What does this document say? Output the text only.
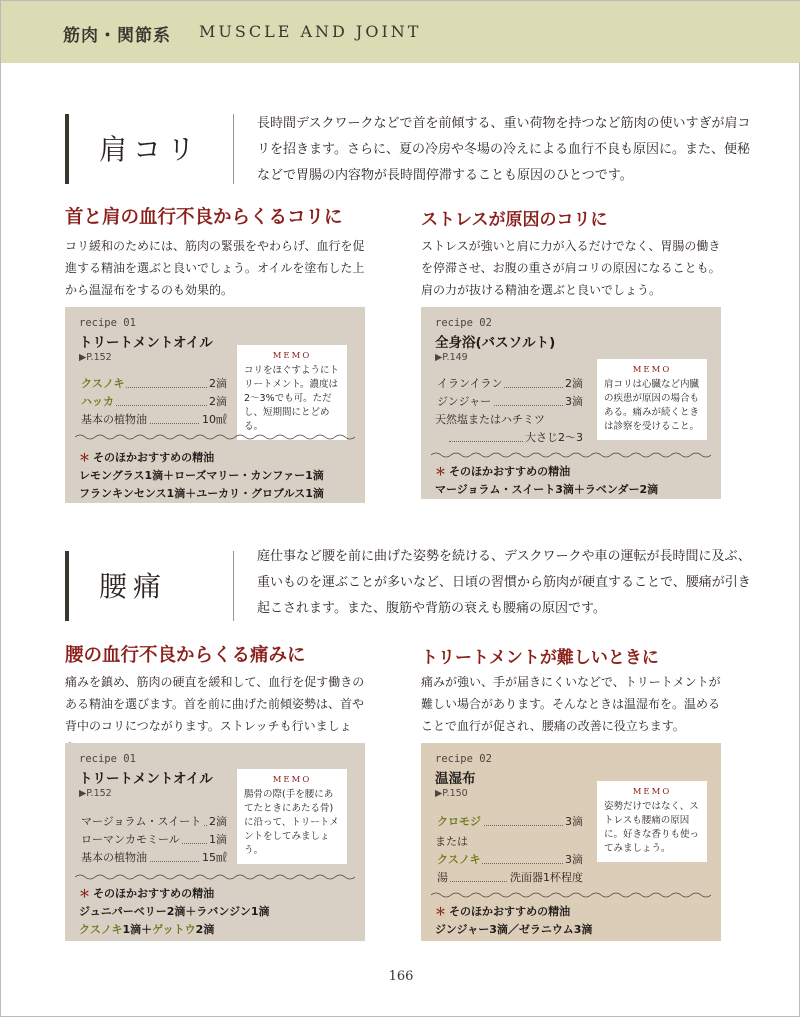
筋肉・関節系 MUSCLE AND JOINT
肩コリ
長時間デスクワークなどで首を前傾する、重い荷物を持つなど筋肉の使いすぎが肩コリを招きます。さらに、夏の冷房や冬場の冷えによる血行不良も原因に。また、便秘などで胃腸の内容物が長時間停滞することも原因のひとつです。
首と肩の血行不良からくるコリに
コリ緩和のためには、筋肉の緊張をやわらげ、血行を促進する精油を選ぶと良いでしょう。オイルを塗布した上から温湿布をするのも効果的。
ストレスが原因のコリに
ストレスが強いと肩に力が入るだけでなく、胃腸の働きを停滞させ、お腹の重さが肩コリの原因になることも。肩の力が抜ける精油を選ぶと良いでしょう。
recipe 01
トリートメントオイル
▶P.152
クスノキ	2滴
ハッカ	2滴
基本の植物油	10㎖
MEMO
コリをほぐすようにトリートメント。濃度は2～3%でも可。ただし、短期間にとどめる。
＊ そのほかおすすめの精油
レモングラス1滴＋ローズマリー・カンファー1滴
フランキンセンス1滴＋ユーカリ・グロブルス1滴
recipe 02
全身浴(バスソルト)
▶P.149
イランイラン	2滴
ジンジャー	3滴
天然塩またはハチミツ
大さじ2～3
MEMO
肩コリは心臓など内臓の疾患が原因の場合もある。痛みが続くときは診察を受けること。
＊ そのほかおすすめの精油
マージョラム・スイート3滴＋ラベンダー2滴
腰痛
庭仕事など腰を前に曲げた姿勢を続ける、デスクワークや車の運転が長時間に及ぶ、重いものを運ぶことが多いなど、日頃の習慣から筋肉が硬直することで、腰痛が引き起こされます。また、腹筋や背筋の衰えも腰痛の原因です。
腰の血行不良からくる痛みに
痛みを鎮め、筋肉の硬直を緩和して、血行を促す働きのある精油を選びます。首を前に曲げた前傾姿勢は、首や背中のコリにつながります。ストレッチも行いましょ
トリートメントが難しいときに
痛みが強い、手が届きにくいなどで、トリートメントが難しい場合があります。そんなときは温湿布を。温めることで血行が促され、腰痛の改善に役立ちます。
recipe 01
トリートメントオイル
▶P.152
マージョラム・スイート 2滴
ローマンカモミール	1滴
基本の植物油	15㎖
MEMO
腸骨の際(手を腰にあてたときにあたる骨)に沿って、トリートメントをしてみましょう。
＊ そのほかおすすめの精油
ジュニパーベリー2滴＋ラバンジン1滴
クスノキ1滴＋ゲットウ2滴
recipe 02
温湿布
▶P.150
クロモジ	3滴
または
クスノキ	3滴
湯	洗面器1杯程度
MEMO
姿勢だけではなく、ストレスも腰痛の原因に。好きな香りも使ってみましょう。
＊ そのほかおすすめの精油
ジンジャー3滴／ゼラニウム3滴
166
